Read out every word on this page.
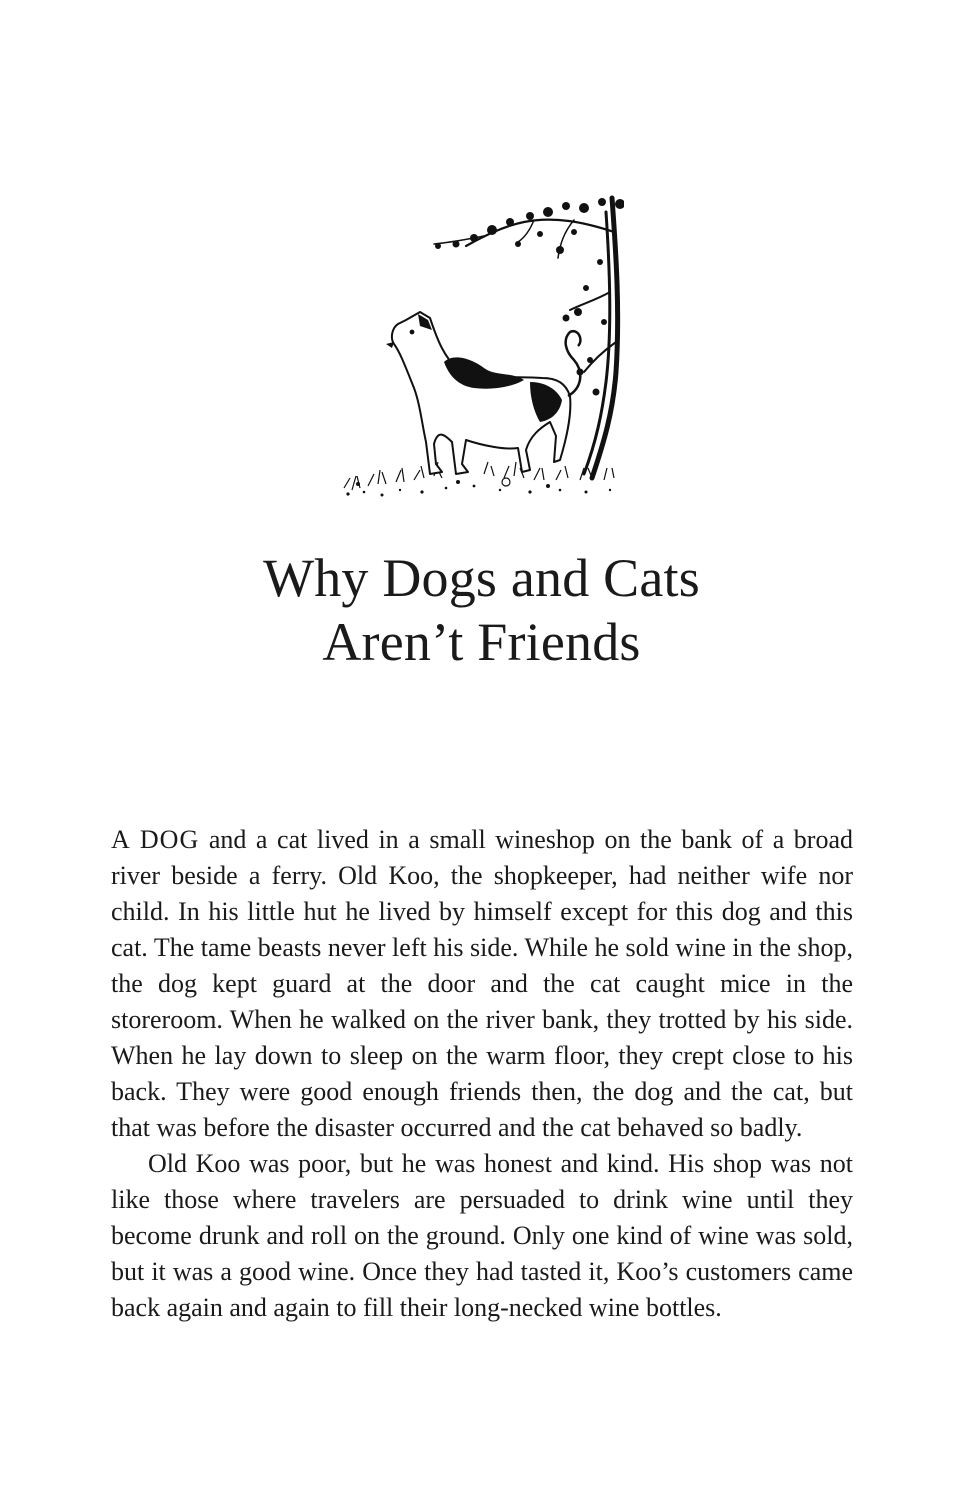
Why Dogs and Cats
Aren’t Friends

A DOG and a cat lived in a small wineshop on the bank of a broad river beside a ferry. Old Koo, the shopkeeper, had neither wife nor child. In his little hut he lived by himself except for this dog and this cat. The tame beasts never left his side. While he sold wine in the shop, the dog kept guard at the door and the cat caught mice in the storeroom. When he walked on the river bank, they trotted by his side. When he lay down to sleep on the warm floor, they crept close to his back. They were good enough friends then, the dog and the cat, but that was before the disaster occurred and the cat behaved so badly.

Old Koo was poor, but he was honest and kind. His shop was not like those where travelers are persuaded to drink wine until they become drunk and roll on the ground. Only one kind of wine was sold, but it was a good wine. Once they had tasted it, Koo’s customers came back again and again to fill their long-necked wine bottles.
